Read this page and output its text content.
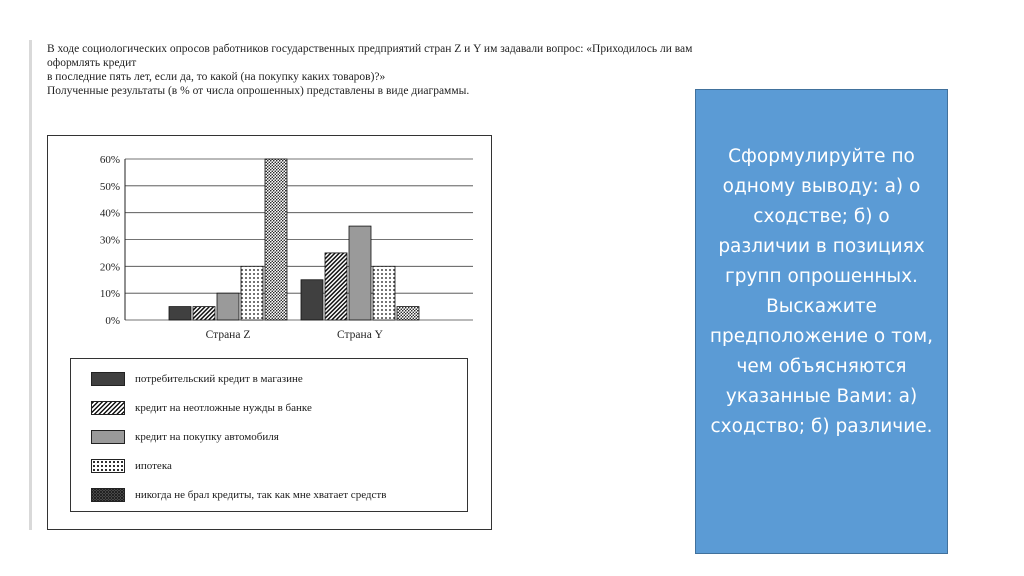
В ходе социологических опросов работников государственных предприятий стран Z и Y им задавали вопрос: «Приходилось ли вам
оформлять кредит
в последние пять лет, если да, то какой (на покупку каких товаров)?»
Полученные результаты (в % от числа опрошенных) представлены в виде диаграммы.
0%
10%
20%
30%
40%
50%
60%
Страна Z	Страна Y
потребительский кредит в магазине
кредит на неотложные нужды в банке
кредит на покупку автомобиля
ипотека
никогда не брал кредиты, так как мне хватает средств
Сформулируйте по одному выводу: а) о сходстве; б) о различии в позициях групп опрошенных. Выскажите предположение о том, чем объясняются указанные Вами: а) сходство; б) различие.
